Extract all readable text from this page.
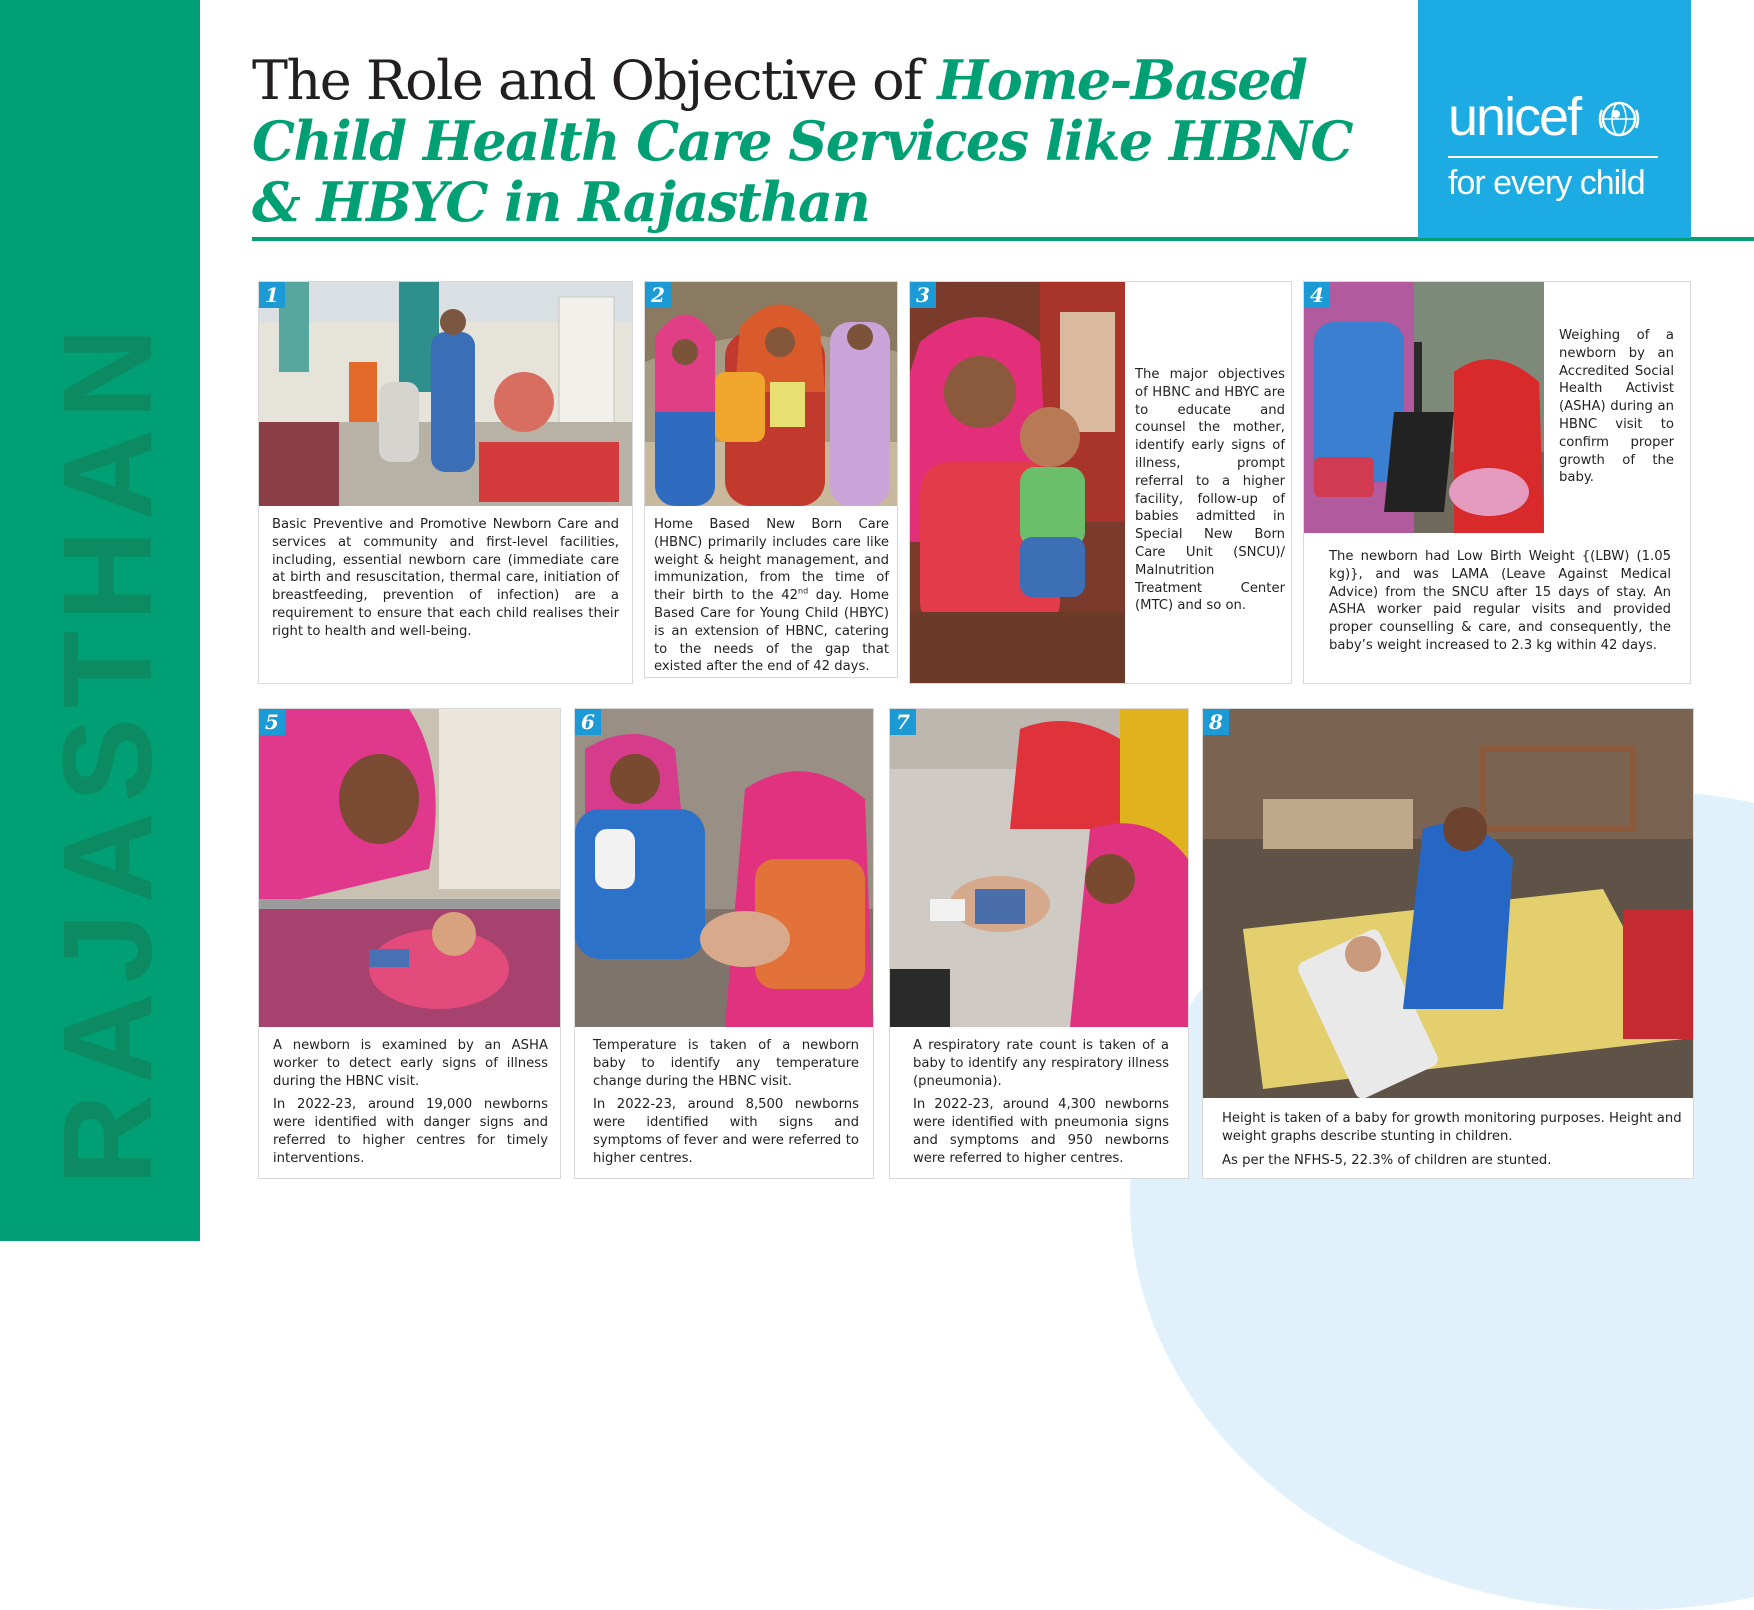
RAJASTHAN
The Role and Objective of Home-Based Child Health Care Services like HBNC & HBYC in Rajasthan
unicef
for every child
1

Basic Preventive and Promotive Newborn Care and services at community and first-level facilities, including, essential newborn care (immediate care at birth and resuscitation, thermal care, initiation of breastfeeding, prevention of infection) are a requirement to ensure that each child realises their right to health and well-being.

2

Home Based New Born Care (HBNC) primarily includes care like weight & height management, and immunization, from the time of their birth to the 42nd day. Home Based Care for Young Child (HBYC) is an extension of HBNC, catering to the needs of the gap that existed after the end of 42 days.

3

The major objectives of HBNC and HBYC are to educate and counsel the mother, identify early signs of illness, prompt referral to a higher facility, follow-up of babies admitted in Special New Born Care Unit (SNCU)/ Malnutrition Treatment Center (MTC) and so on.

4

Weighing of a newborn by an Accredited Social Health Activist (ASHA) during an HBNC visit to confirm proper growth of the baby.

The newborn had Low Birth Weight {(LBW) (1.05 kg)}, and was LAMA (Leave Against Medical Advice) from the SNCU after 15 days of stay. An ASHA worker paid regular visits and provided proper counselling & care, and consequently, the baby’s weight increased to 2.3 kg within 42 days.

5

A newborn is examined by an ASHA worker to detect early signs of illness during the HBNC visit.

In 2022-23, around 19,000 newborns were identified with danger signs and referred to higher centres for timely interventions.

6

Temperature is taken of a newborn baby to identify any temperature change during the HBNC visit.

In 2022-23, around 8,500 newborns were identified with signs and symptoms of fever and were referred to higher centres.

7

A respiratory rate count is taken of a baby to identify any respiratory illness (pneumonia).

In 2022-23, around 4,300 newborns were identified with pneumonia signs and symptoms and 950 newborns were referred to higher centres.

8

Height is taken of a baby for growth monitoring purposes. Height and weight graphs describe stunting in children.

As per the NFHS-5, 22.3% of children are stunted.
